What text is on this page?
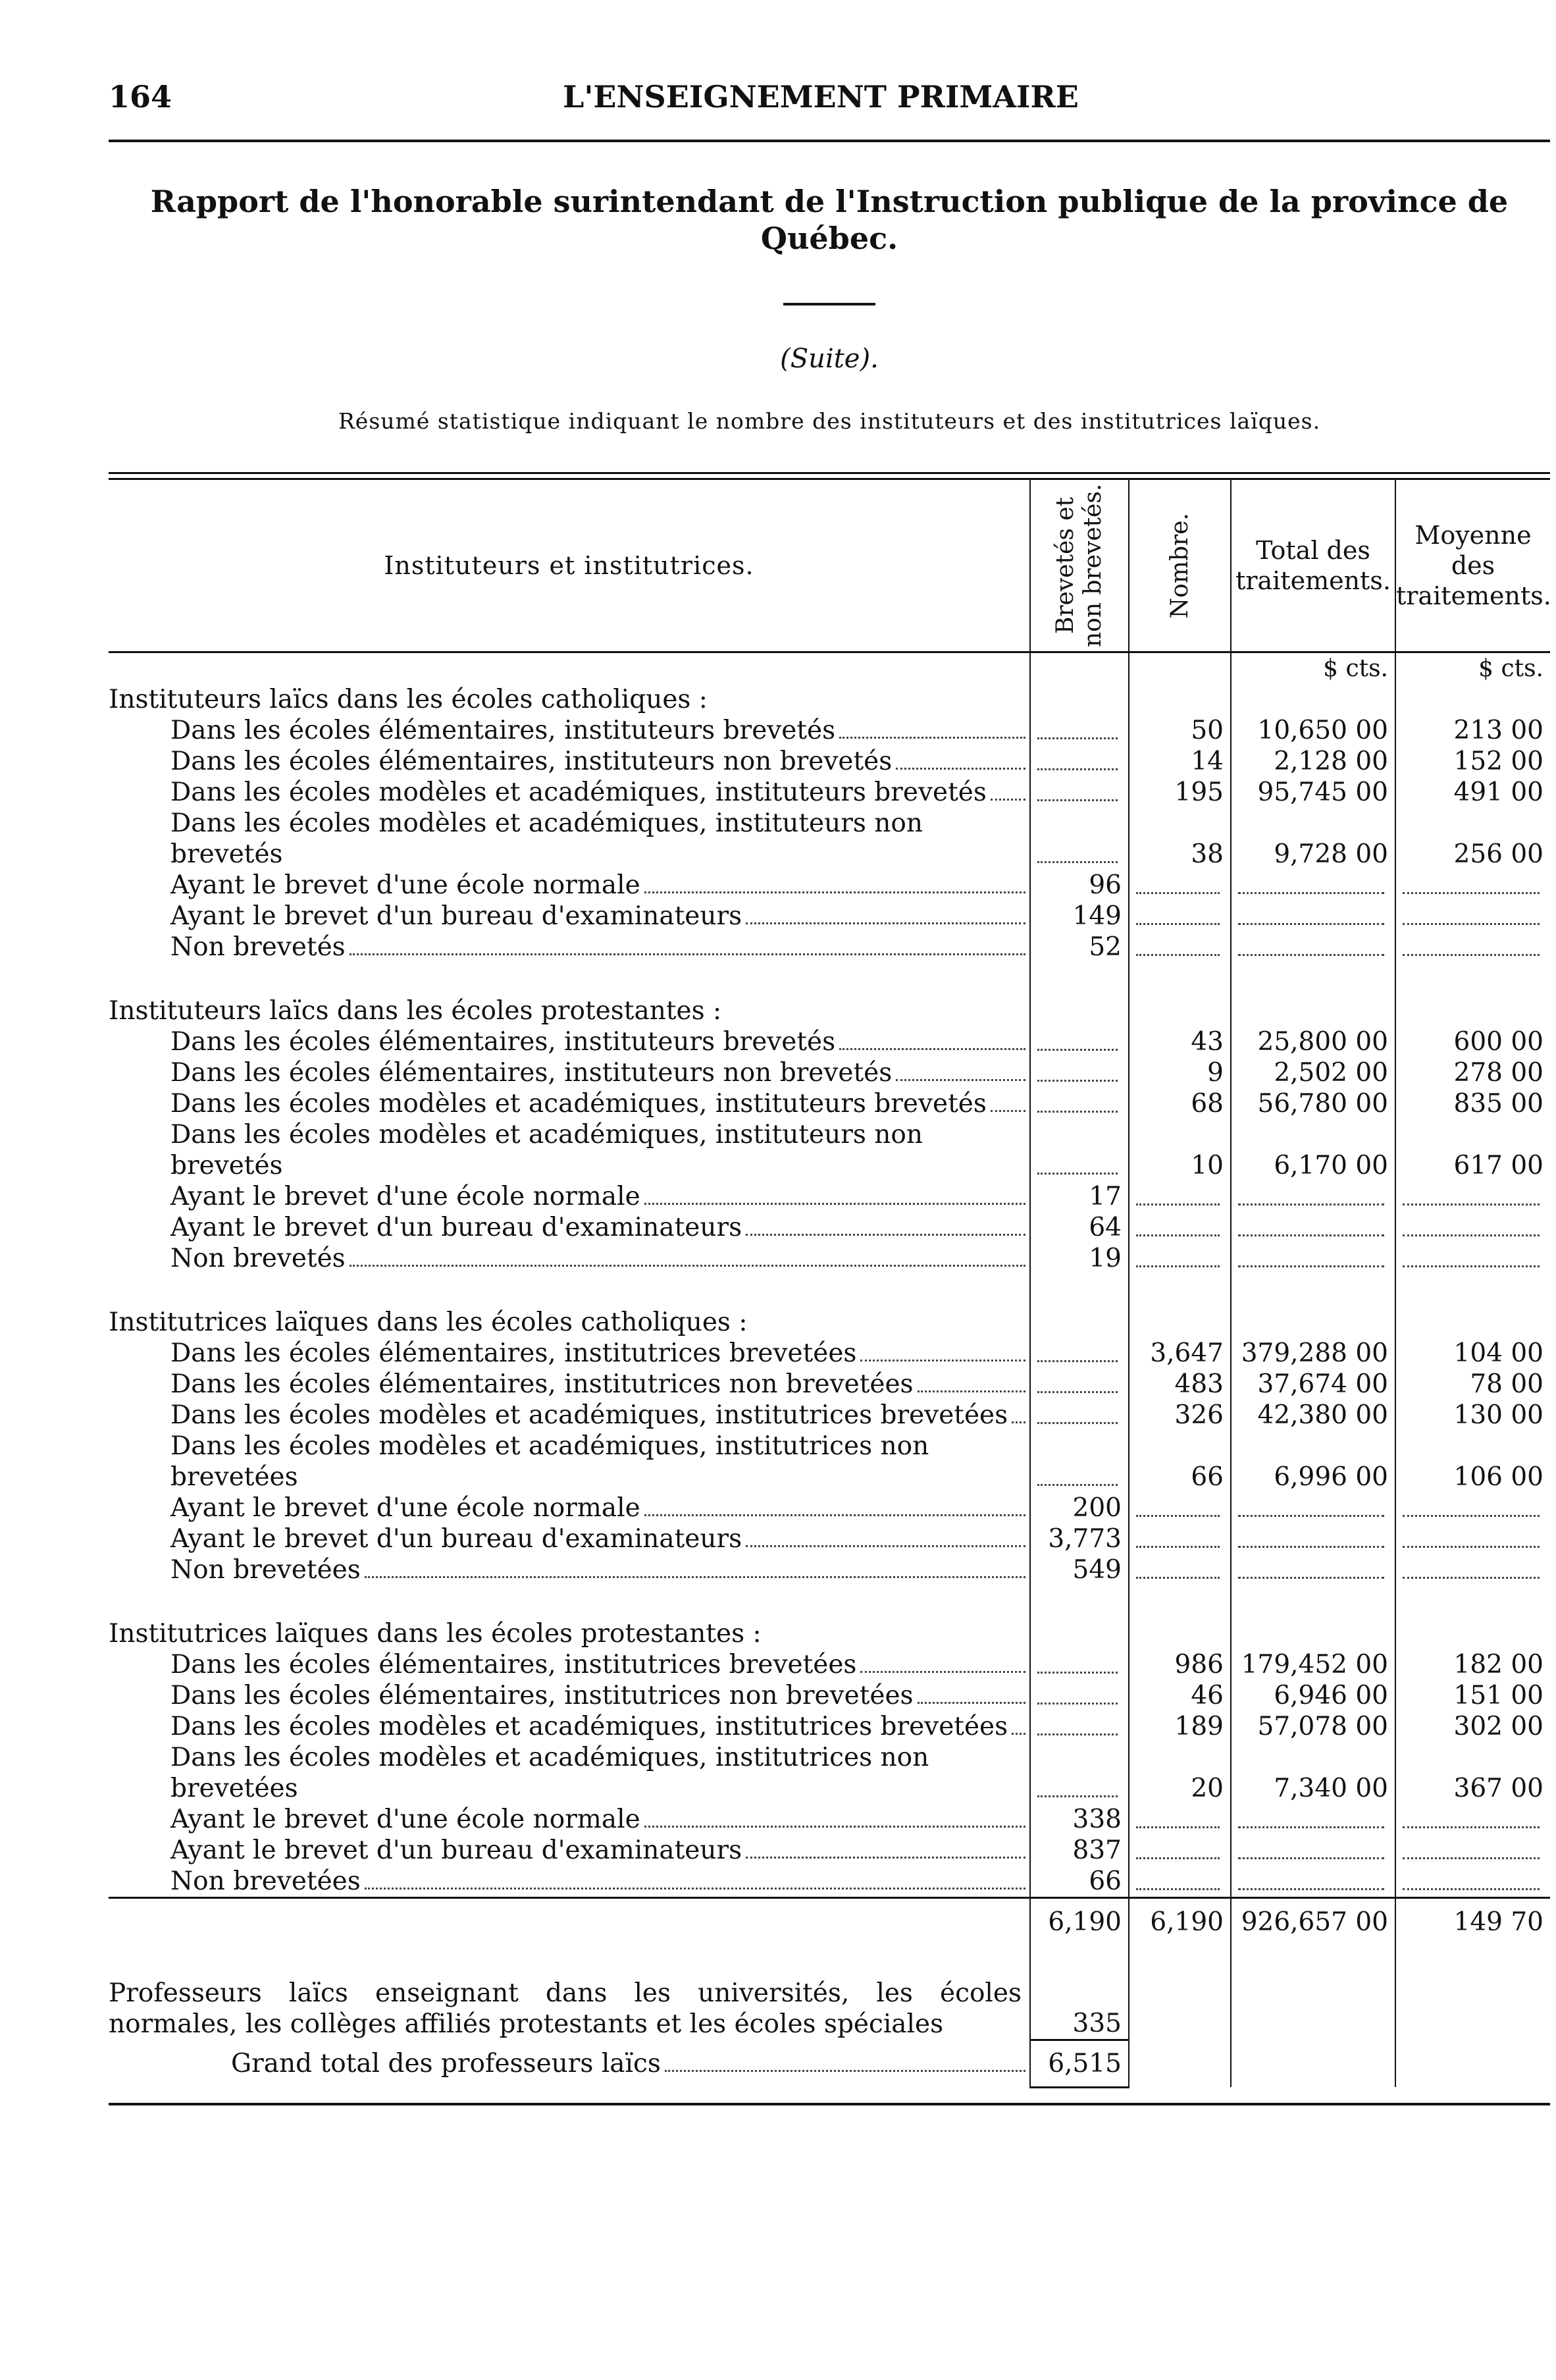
164	L'ENSEIGNEMENT PRIMAIRE
Rapport de l'honorable surintendant de l'Instruction publique de la province de Québec.
(Suite).
Résumé statistique indiquant le nombre des instituteurs et des institutrices laïques.
Instituteurs et institutrices.	Brevetés et non brevetés.	Nombre.	Total des traitements.	Moyenne des traitements.
			$ cts.	$ cts.
Instituteurs laïcs dans les écoles catholiques :				

Dans les écoles élémentaires, instituteurs brevetés		50	10,650 00	213 00

Dans les écoles élémentaires, instituteurs non brevetés		14	2,128 00	152 00

Dans les écoles modèles et académiques, instituteurs brevetés		195	95,745 00	491 00

Dans les écoles modèles et académiques, instituteurs non brevetés		38	9,728 00	256 00

Ayant le brevet d'une école normale	96	

Ayant le brevet d'un bureau d'examinateurs	149	

Non brevetés	52	

Instituteurs laïcs dans les écoles protestantes :				

Dans les écoles élémentaires, instituteurs brevetés		43	25,800 00	600 00

Dans les écoles élémentaires, instituteurs non brevetés		9	2,502 00	278 00

Dans les écoles modèles et académiques, instituteurs brevetés		68	56,780 00	835 00

Dans les écoles modèles et académiques, instituteurs non brevetés		10	6,170 00	617 00

Ayant le brevet d'une école normale	17	

Ayant le brevet d'un bureau d'examinateurs	64	

Non brevetés	19	

Institutrices laïques dans les écoles catholiques :				

Dans les écoles élémentaires, institutrices brevetées		3,647	379,288 00	104 00

Dans les écoles élémentaires, institutrices non brevetées		483	37,674 00	78 00

Dans les écoles modèles et académiques, institutrices brevetées		326	42,380 00	130 00

Dans les écoles modèles et académiques, institutrices non brevetées		66	6,996 00	106 00

Ayant le brevet d'une école normale	200	

Ayant le brevet d'un bureau d'examinateurs	3,773	

Non brevetées	549	

Institutrices laïques dans les écoles protestantes :				

Dans les écoles élémentaires, institutrices brevetées		986	179,452 00	182 00

Dans les écoles élémentaires, institutrices non brevetées		46	6,946 00	151 00

Dans les écoles modèles et académiques, institutrices brevetées		189	57,078 00	302 00

Dans les écoles modèles et académiques, institutrices non brevetées		20	7,340 00	367 00

Ayant le brevet d'une école normale	338	

Ayant le brevet d'un bureau d'examinateurs	837	

Non brevetées	66	

	6,190	6,190	926,657 00	149 70

Professeurs laïcs enseignant dans les universités, les écoles normales, les collèges affiliés protestants et les écoles spéciales	335			

Grand total des professeurs laïcs	6,515			
